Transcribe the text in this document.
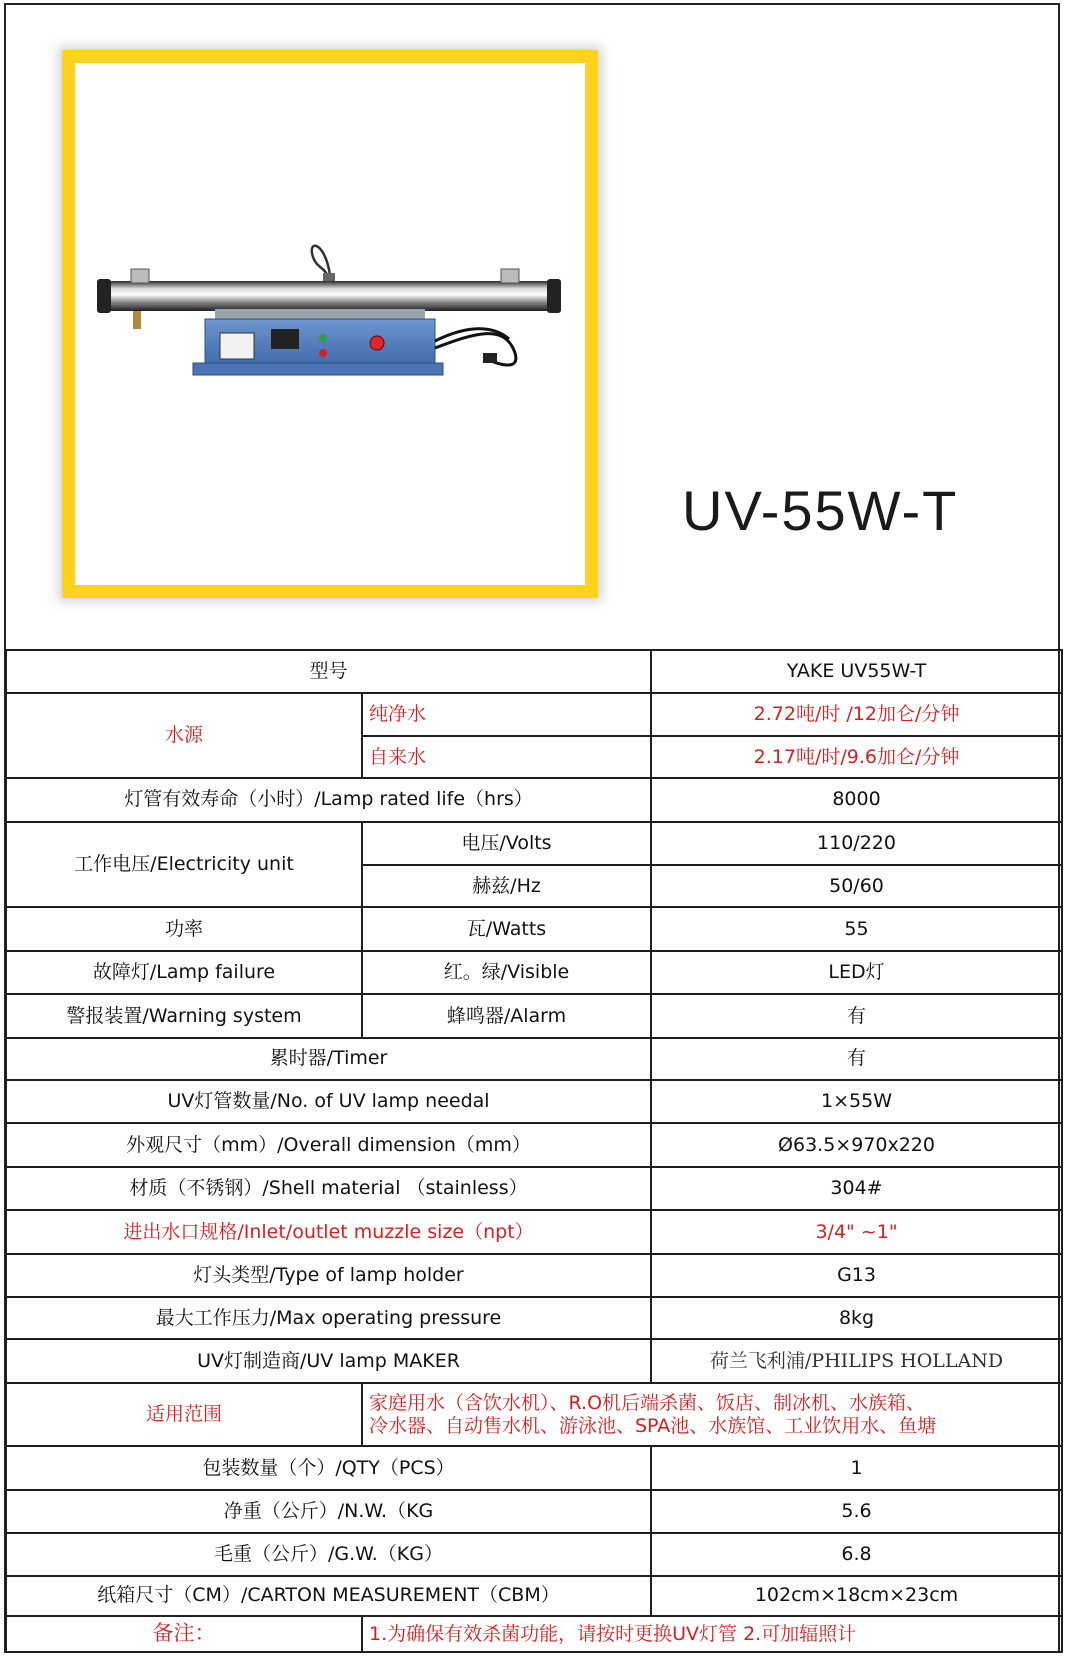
UV-55W-T
型号		YAKE UV55W-T
水源	纯净水	2.72吨/时 /12加仑/分钟
	自来水	2.17吨/时/9.6加仑/分钟
灯管有效寿命（小时）/Lamp rated life（hrs）		8000
工作电压/Electricity unit	电压/Volts	110/220
	赫兹/Hz	50/60
功率	瓦/Watts	55
故障灯/Lamp failure	红。绿/Visible	LED灯
警报装置/Warning system	蜂鸣器/Alarm	有
累时器/Timer		有
UV灯管数量/No. of UV lamp needal		1×55W
外观尺寸（mm）/Overall dimension（mm）		Ø63.5×970x220
材质（不锈钢）/Shell material （stainless）		304#
进出水口规格/Inlet/outlet muzzle size（npt）		3/4" ~1"
灯头类型/Type of lamp holder		G13
最大工作压力/Max operating pressure		8kg
UV灯制造商/UV lamp MAKER		荷兰飞利浦/PHILIPS HOLLAND
适用范围	家庭用水（含饮水机）、R.O机后端杀菌、饭店、制冰机、水族箱、
冷水器、自动售水机、游泳池、SPA池、水族馆、工业饮用水、鱼塘	

包装数量（个）/QTY（PCS）		1
净重（公斤）/N.W.（KG		5.6
毛重（公斤）/G.W.（KG）		6.8
纸箱尺寸（CM）/CARTON MEASUREMENT（CBM）		102cm×18cm×23cm
备注：	1.为确保有效杀菌功能，请按时更换UV灯管 2.可加辐照计	
